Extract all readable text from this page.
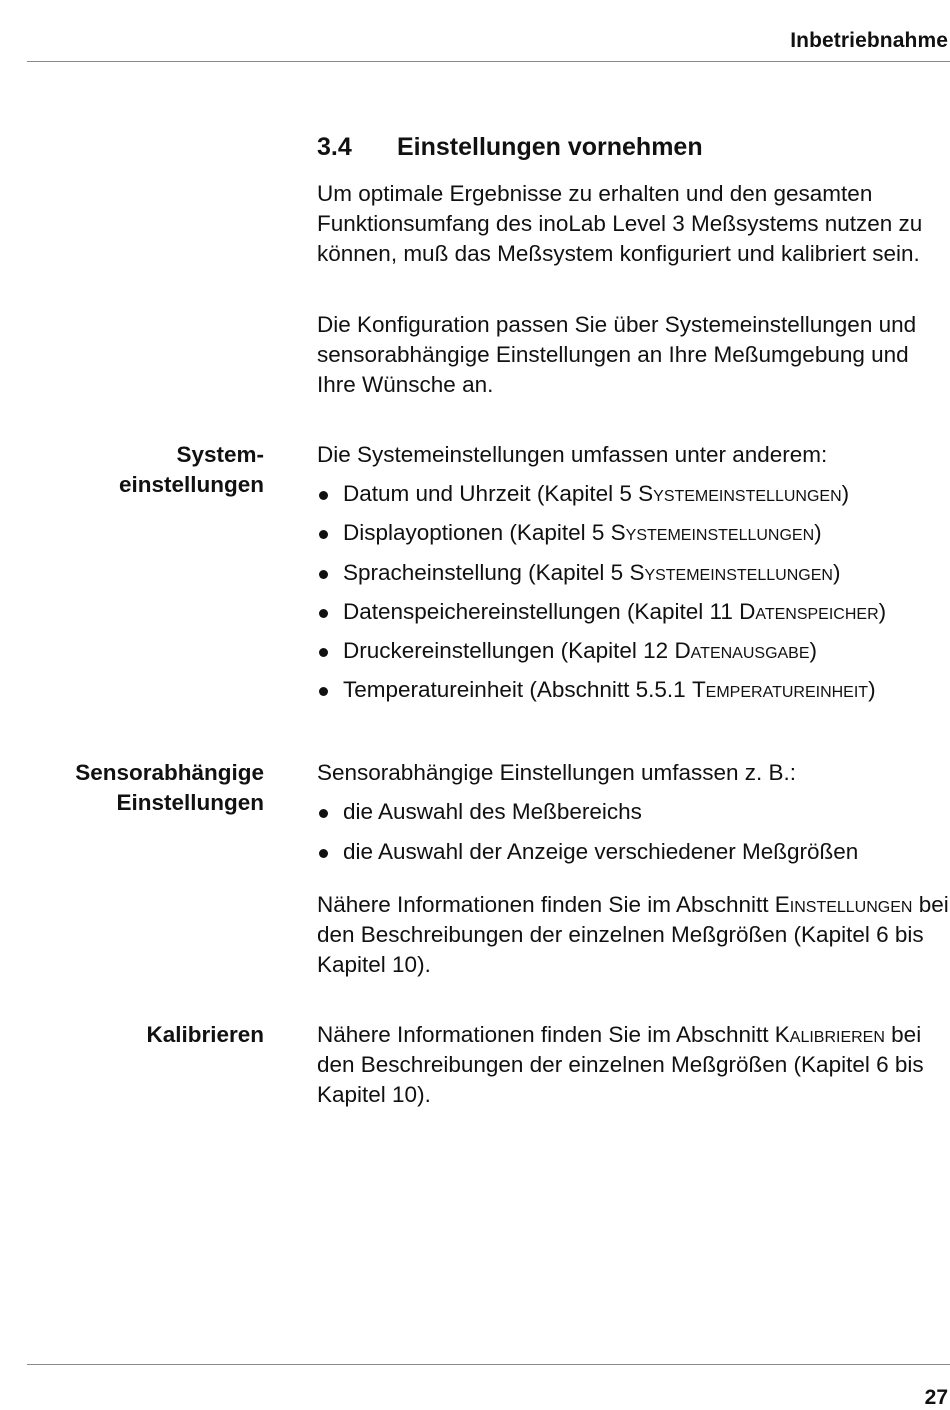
Inbetriebnahme
3.4 Einstellungen vornehmen

Um optimale Ergebnisse zu erhalten und den gesamten Funktionsumfang des inoLab Level 3 Meßsystems nutzen zu können, muß das Meßsystem konfiguriert und kalibriert sein.

Die Konfiguration passen Sie über Systemeinstellungen und sensorabhängige Einstellungen an Ihre Meßumgebung und Ihre Wünsche an.

System-
einstellungen

Die Systemeinstellungen umfassen unter anderem:

Datum und Uhrzeit (Kapitel 5 Systemeinstellungen)
Displayoptionen (Kapitel 5 Systemeinstellungen)
Spracheinstellung (Kapitel 5 Systemeinstellungen)
Datenspeichereinstellungen (Kapitel 11 Datenspeicher)
Druckereinstellungen (Kapitel 12 Datenausgabe)
Temperatureinheit (Abschnitt 5.5.1 Temperatureinheit)
Sensorabhängige
Einstellungen

Sensorabhängige Einstellungen umfassen z. B.:

die Auswahl des Meßbereichs
die Auswahl der Anzeige verschiedener Meßgrößen

Nähere Informationen finden Sie im Abschnitt Einstellungen bei den Beschreibungen der einzelnen Meßgrößen (Kapitel 6 bis Kapitel 10).

Kalibrieren Nähere Informationen finden Sie im Abschnitt Kalibrieren bei den Beschreibungen der einzelnen Meßgrößen (Kapitel 6 bis Kapitel 10).

27
